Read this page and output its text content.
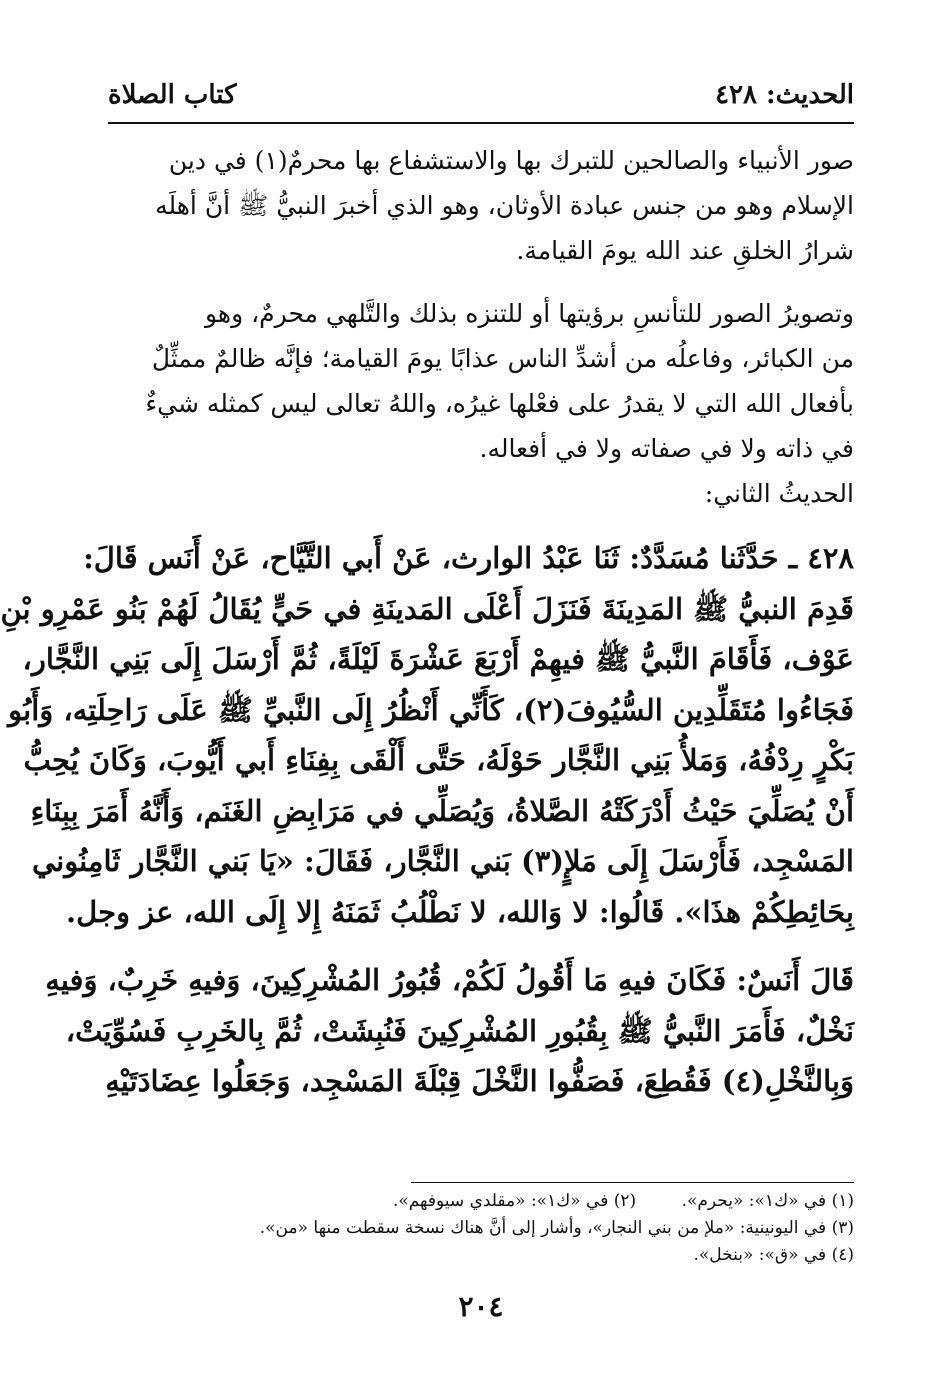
الحديث: ٤٢٨
كتاب الصلاة
صور الأنبياء والصالحين للتبرك بها والاستشفاع بها محرمٌ(١) في دين
الإسلام وهو من جنس عبادة الأوثان، وهو الذي أخبرَ النبيُّ ﷺ أنَّ أهلَه
شرارُ الخلقِ عند الله يومَ القيامة.
وتصويرُ الصور للتأنسِ برؤيتها أو للتنزه بذلك والتَّلهي محرمٌ، وهو
من الكبائر، وفاعلُه من أشدِّ الناس عذابًا يومَ القيامة؛ فإنَّه ظالمٌ ممثِّلٌ
بأفعال الله التي لا يقدرُ على فعْلها غيرُه، واللهُ تعالى ليس كمثله شيءٌ
في ذاته ولا في صفاته ولا في أفعاله.
الحديثُ الثاني:
٤٢٨ ـ حَدَّثَنا مُسَدَّدٌ: ثَنَا عَبْدُ الوارث، عَنْ أَبي التَّيَّاح، عَنْ أَنَس قَالَ:
قَدِمَ النبيُّ ﷺ المَدِينَةَ فَنَزَلَ أَعْلَى المَدينَةِ في حَيٍّ يُقَالُ لَهُمْ بَنُو عَمْرِو بْنِ
عَوْف، فَأَقَامَ النَّبيُّ ﷺ فيهِمْ أَرْبَعَ عَشْرَةَ لَيْلَةً، ثُمَّ أَرْسَلَ إِلَى بَنِي النَّجَّار،
فَجَاءُوا مُتَقَلِّدِين السُّيُوفَ(٢)، كَأَنِّي أَنْظُرُ إِلَى النَّبيِّ ﷺ عَلَى رَاحِلَتِه، وَأَبُو
بَكْرٍ رِدْفُهُ، وَمَلأُ بَنِي النَّجَّار حَوْلَهُ، حَتَّى أَلْقَى بِفِنَاءِ أَبي أَيُّوبَ، وَكَانَ يُحِبُّ
أَنْ يُصَلِّيَ حَيْثُ أَدْرَكَتْهُ الصَّلاةُ، وَيُصَلِّي في مَرَابِضِ الغَنَم، وَأَنَّهُ أَمَرَ بِبِنَاءِ
المَسْجِد، فَأَرْسَلَ إِلَى مَلإٍ(٣) بَني النَّجَّار، فَقَالَ: «يَا بَني النَّجَّار ثَامِنُوني
بِحَائِطِكُمْ هذَا». قَالُوا: لا وَالله، لا نَطْلُبُ ثَمَنَهُ إِلا إِلَى الله، عز وجل.
قَالَ أَنَسٌ: فَكَانَ فيهِ مَا أَقُولُ لَكُمْ، قُبُورُ المُشْرِكِينَ، وَفيهِ خَرِبٌ، وَفيهِ
نَخْلٌ، فَأَمَرَ النَّبيُّ ﷺ بِقُبُورِ المُشْرِكِينَ فَنُبِشَتْ، ثُمَّ بِالخَرِبِ فَسُوِّيَتْ،
وَبِالنَّخْلِ(٤) فَقُطِعَ، فَصَفُّوا النَّخْلَ قِبْلَةَ المَسْجِد، وَجَعَلُوا عِضَادَتَيْهِ
(١) في «ك١»: «يحرم». (٢) في «ك١»: «مقلدي سيوفهم».
(٣) في اليونينية: «ملإ من بني النجار»، وأشار إلى أنَّ هناك نسخة سقطت منها «من».
(٤) في «ق»: «بنخل».
٢٠٤
